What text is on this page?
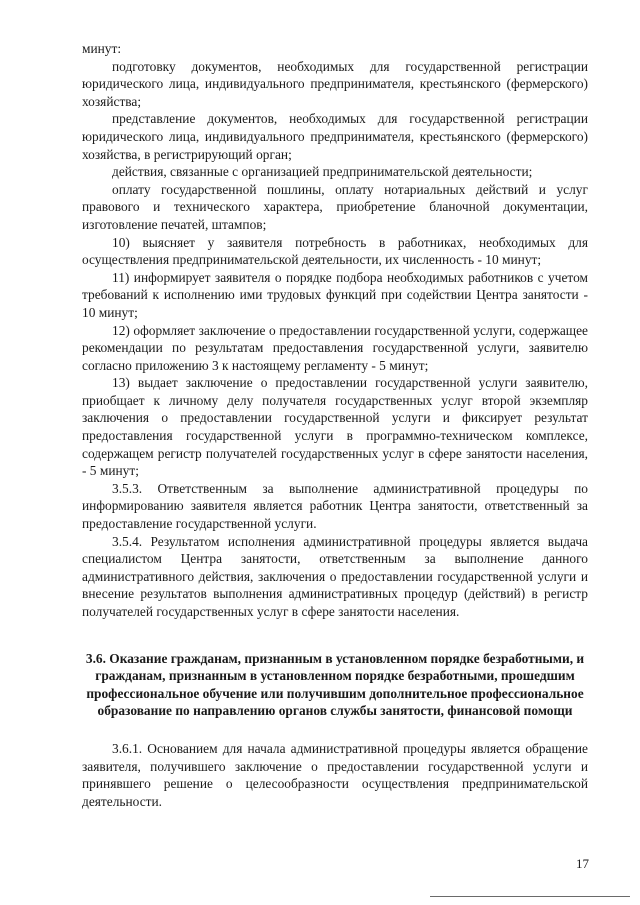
минут:

подготовку документов, необходимых для государственной регистрации юридического лица, индивидуального предпринимателя, крестьянского (фермерского) хозяйства;

представление документов, необходимых для государственной регистрации юридического лица, индивидуального предпринимателя, крестьянского (фермерского) хозяйства, в регистрирующий орган;

действия, связанные с организацией предпринимательской деятельности;

оплату государственной пошлины, оплату нотариальных действий и услуг правового и технического характера, приобретение бланочной документации, изготовление печатей, штампов;

10) выясняет у заявителя потребность в работниках, необходимых для осуществления предпринимательской деятельности, их численность - 10 минут;

11) информирует заявителя о порядке подбора необходимых работников с учетом требований к исполнению ими трудовых функций при содействии Центра занятости - 10 минут;

12) оформляет заключение о предоставлении государственной услуги, содержащее рекомендации по результатам предоставления государственной услуги, заявителю согласно приложению 3 к настоящему регламенту - 5 минут;

13) выдает заключение о предоставлении государственной услуги заявителю, приобщает к личному делу получателя государственных услуг второй экземпляр заключения о предоставлении государственной услуги и фиксирует результат предоставления государственной услуги в программно-техническом комплексе, содержащем регистр получателей государственных услуг в сфере занятости населения, - 5 минут;

3.5.3. Ответственным за выполнение административной процедуры по информированию заявителя является работник Центра занятости, ответственный за предоставление государственной услуги.

3.5.4. Результатом исполнения административной процедуры является выдача специалистом Центра занятости, ответственным за выполнение данного административного действия, заключения о предоставлении государственной услуги и внесение результатов выполнения административных процедур (действий) в регистр получателей государственных услуг в сфере занятости населения.

3.6. Оказание гражданам, признанным в установленном порядке безработными, и гражданам, признанным в установленном порядке безработными, прошедшим профессиональное обучение или получившим дополнительное профессиональное образование по направлению органов службы занятости, финансовой помощи

3.6.1. Основанием для начала административной процедуры является обращение заявителя, получившего заключение о предоставлении государственной услуги и принявшего решение о целесообразности осуществления предпринимательской деятельности.

17
